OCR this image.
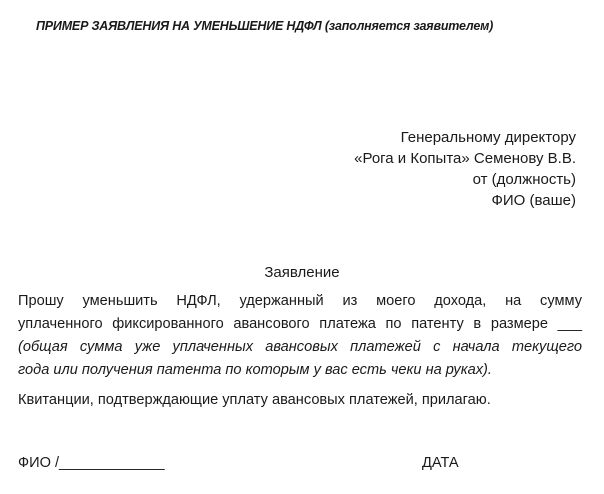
ПРИМЕР ЗАЯВЛЕНИЯ НА УМЕНЬШЕНИЕ НДФЛ (заполняется заявителем)
Генеральному директору
«Рога и Копыта» Семенову В.В.
от (должность)
ФИО (ваше)
Заявление
Прошу уменьшить НДФЛ, удержанный из моего дохода, на сумму
уплаченного фиксированного авансового платежа по патенту в размере ___
(общая сумма уже уплаченных авансовых платежей с начала текущего
года или получения патента по которым у вас есть чеки на руках).
Квитанции, подтверждающие уплату авансовых платежей, прилагаю.
ФИО /_____________	ДАТА
